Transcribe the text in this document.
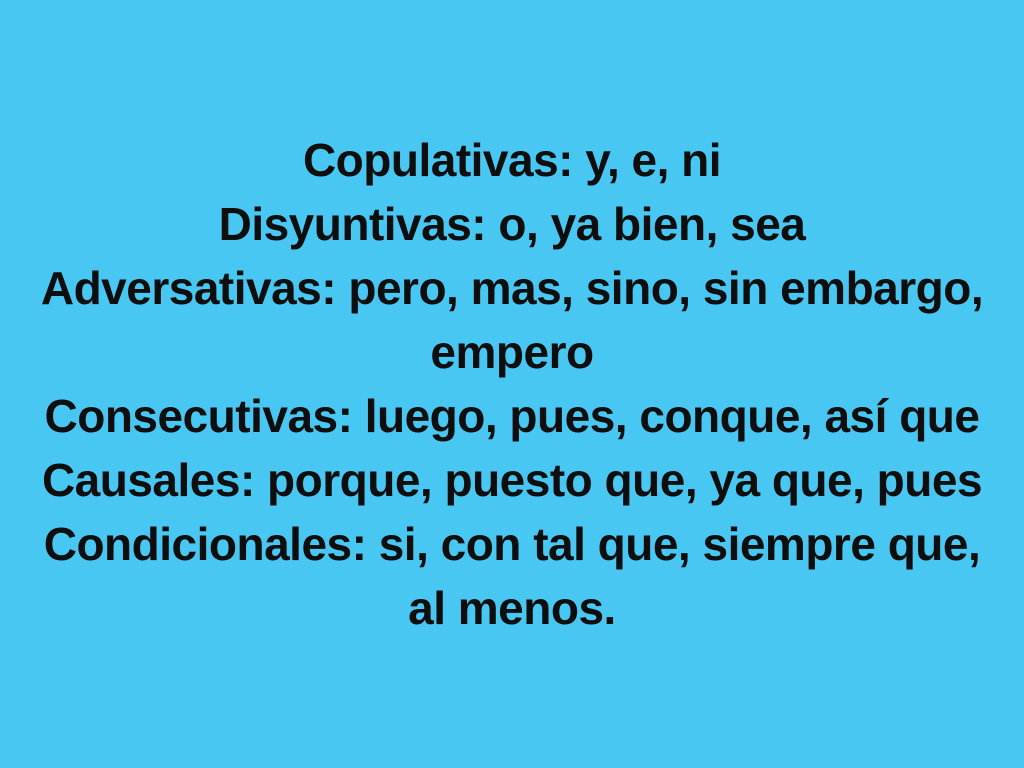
Copulativas: y, e, ni
Disyuntivas: o, ya bien, sea
Adversativas: pero, mas, sino, sin embargo,
empero
Consecutivas: luego, pues, conque, así que
Causales: porque, puesto que, ya que, pues
Condicionales: si, con tal que, siempre que,
al menos.
